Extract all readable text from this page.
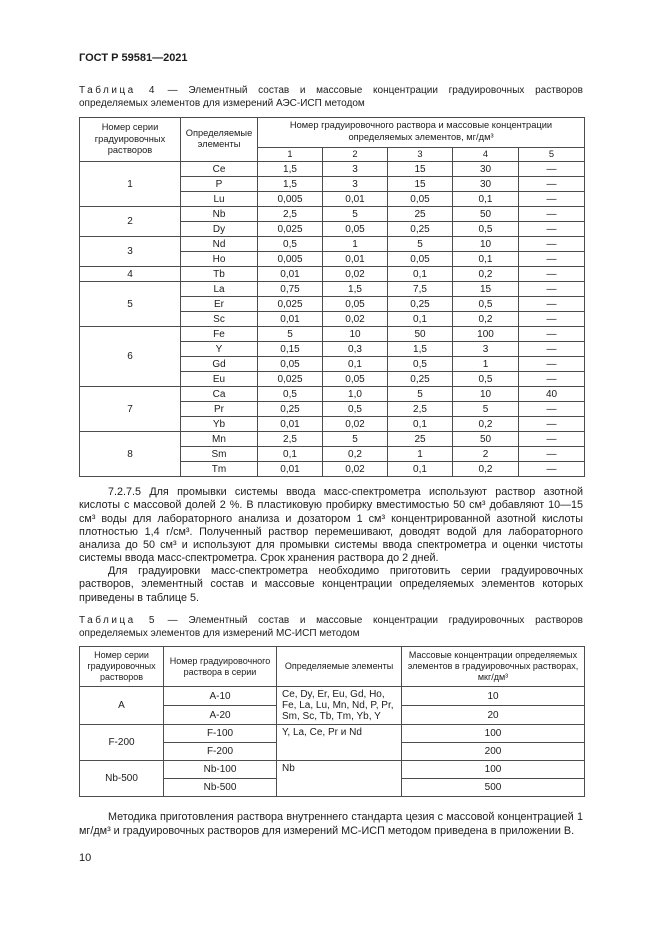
ГОСТ Р 59581—2021
Таблица 4 — Элементный состав и массовые концентрации градуировочных растворов определяемых элементов для измерений АЭС-ИСП методом
Номер серии градуировочных растворов	Определяемые элементы	Номер градуировочного раствора и массовые концентрации определяемых элементов, мг/дм³				
		1	2	3	4	5
1	Ce	1,5	3	15	30	—
	P	1,5	3	15	30	—
	Lu	0,005	0,01	0,05	0,1	—
2	Nb	2,5	5	25	50	—
	Dy	0,025	0,05	0,25	0,5	—
3	Nd	0,5	1	5	10	—
	Ho	0,005	0,01	0,05	0,1	—
4	Tb	0,01	0,02	0,1	0,2	—
5	La	0,75	1,5	7,5	15	—
	Er	0,025	0,05	0,25	0,5	—
	Sc	0,01	0,02	0,1	0,2	—
6	Fe	5	10	50	100	—
	Y	0,15	0,3	1,5	3	—
	Gd	0,05	0,1	0,5	1	—
	Eu	0,025	0,05	0,25	0,5	—
7	Ca	0,5	1,0	5	10	40
	Pr	0,25	0,5	2,5	5	—
	Yb	0,01	0,02	0,1	0,2	—
8	Mn	2,5	5	25	50	—
	Sm	0,1	0,2	1	2	—
	Tm	0,01	0,02	0,1	0,2	—

7.2.7.5 Для промывки системы ввода масс-спектрометра используют раствор азотной кислоты с массовой долей 2 %. В пластиковую пробирку вместимостью 50 см³ добавляют 10—15 см³ воды для лабораторного анализа и дозатором 1 см³ концентрированной азотной кислоты плотностью 1,4 г/см³. Полученный раствор перемешивают, доводят водой для лабораторного анализа до 50 см³ и используют для промывки системы ввода спектрометра и оценки чистоты системы ввода масс-спектрометра. Срок хранения раствора до 2 дней.

Для градуировки масс-спектрометра необходимо приготовить серии градуировочных растворов, элементный состав и массовые концентрации определяемых элементов которых приведены в таблице 5.

Таблица 5 — Элементный состав и массовые концентрации градуировочных растворов определяемых элементов для измерений МС-ИСП методом
Номер серии градуировочных растворов	Номер градуировочного раствора в серии	Определяемые элементы	Массовые концентрации определяемых элементов в градуировочных растворах, мкг/дм³
А	А-10	Ce, Dy, Er, Eu, Gd, Ho, Fe, La, Lu, Mn, Nd, P, Pr, Sm, Sc, Tb, Tm, Yb, Y	10
	А-20		20
F-200	F-100	Y, La, Ce, Pr и Nd	100
	F-200		200
Nb-500	Nb-100	Nb	100
	Nb-500		500

Методика приготовления раствора внутреннего стандарта цезия с массовой концентрацией 1 мг/дм³ и градуировочных растворов для измерений МС-ИСП методом приведена в приложении В.

10
